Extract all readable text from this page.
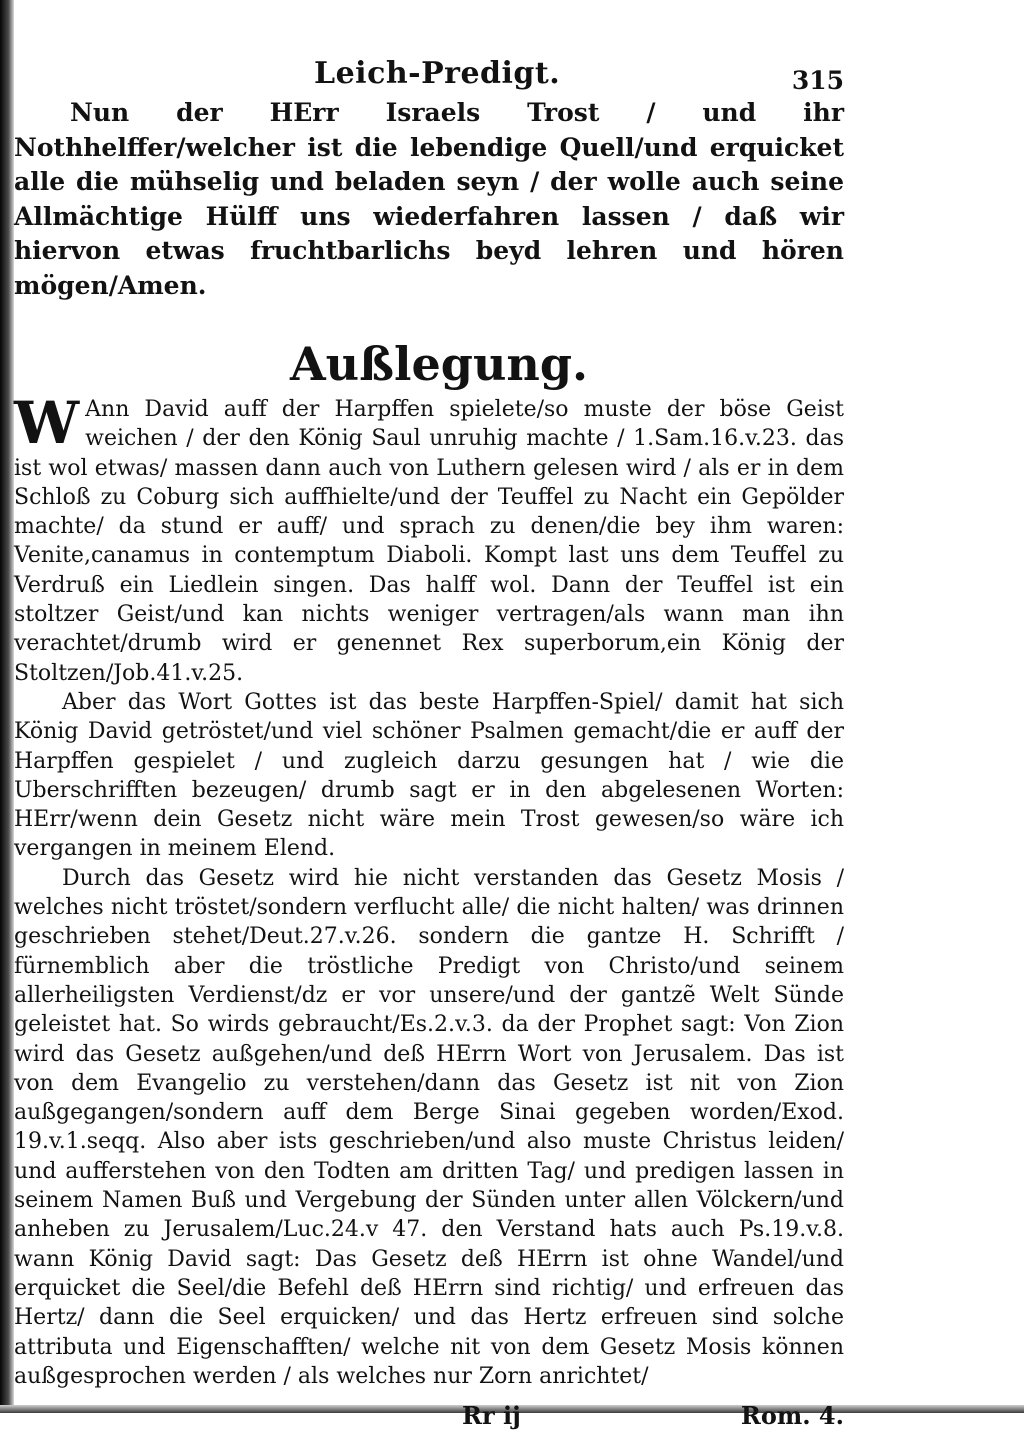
Leich-Predigt.	315

Nun der HErr Israels Trost / und ihr Nothhelffer/welcher ist die lebendige Quell/und erquicket alle die mühselig und beladen seyn / der wolle auch seine Allmächtige Hülff uns wiederfahren lassen / daß wir hiervon etwas fruchtbarlichs beyd lehren und hören mögen/Amen.

Außlegung.

W Ann David auff der Harpffen spielete/so muste der böse Geist weichen / der den König Saul unruhig machte / 1.Sam.16.v.23. das ist wol etwas/ massen dann auch von Luthern gelesen wird / als er in dem Schloß zu Coburg sich auffhielte/und der Teuffel zu Nacht ein Gepölder machte/ da stund er auff/ und sprach zu denen/die bey ihm waren: Venite,canamus in contemptum Diaboli. Kompt last uns dem Teuffel zu Verdruß ein Liedlein singen. Das halff wol. Dann der Teuffel ist ein stoltzer Geist/und kan nichts weniger vertragen/als wann man ihn verachtet/drumb wird er genennet Rex superborum,ein König der Stoltzen/Job.41.v.25.

Aber das Wort Gottes ist das beste Harpffen-Spiel/ damit hat sich König David getröstet/und viel schöner Psalmen gemacht/die er auff der Harpffen gespielet / und zugleich darzu gesungen hat / wie die Uberschrifften bezeugen/ drumb sagt er in den abgelesenen Worten: HErr/wenn dein Gesetz nicht wäre mein Trost gewesen/so wäre ich vergangen in meinem Elend.

Durch das Gesetz wird hie nicht verstanden das Gesetz Mosis / welches nicht tröstet/sondern verflucht alle/ die nicht halten/ was drinnen geschrieben stehet/Deut.27.v.26. sondern die gantze H. Schrifft / fürnemblich aber die tröstliche Predigt von Christo/und seinem allerheiligsten Verdienst/dz er vor unsere/und der gantzẽ Welt Sünde geleistet hat. So wirds gebraucht/Es.2.v.3. da der Prophet sagt: Von Zion wird das Gesetz außgehen/und deß HErrn Wort von Jerusalem. Das ist von dem Evangelio zu verstehen/dann das Gesetz ist nit von Zion außgegangen/sondern auff dem Berge Sinai gegeben worden/Exod. 19.v.1.seqq. Also aber ists geschrieben/und also muste Christus leiden/ und aufferstehen von den Todten am dritten Tag/ und predigen lassen in seinem Namen Buß und Vergebung der Sünden unter allen Völckern/und anheben zu Jerusalem/Luc.24.v 47. den Verstand hats auch Ps.19.v.8. wann König David sagt: Das Gesetz deß HErrn ist ohne Wandel/und erquicket die Seel/die Befehl deß HErrn sind richtig/ und erfreuen das Hertz/ dann die Seel erquicken/ und das Hertz erfreuen sind solche attributa und Eigenschafften/ welche nit von dem Gesetz Mosis können außgesprochen werden / als welches nur Zorn anrichtet/

Rr ij	Rom. 4.
